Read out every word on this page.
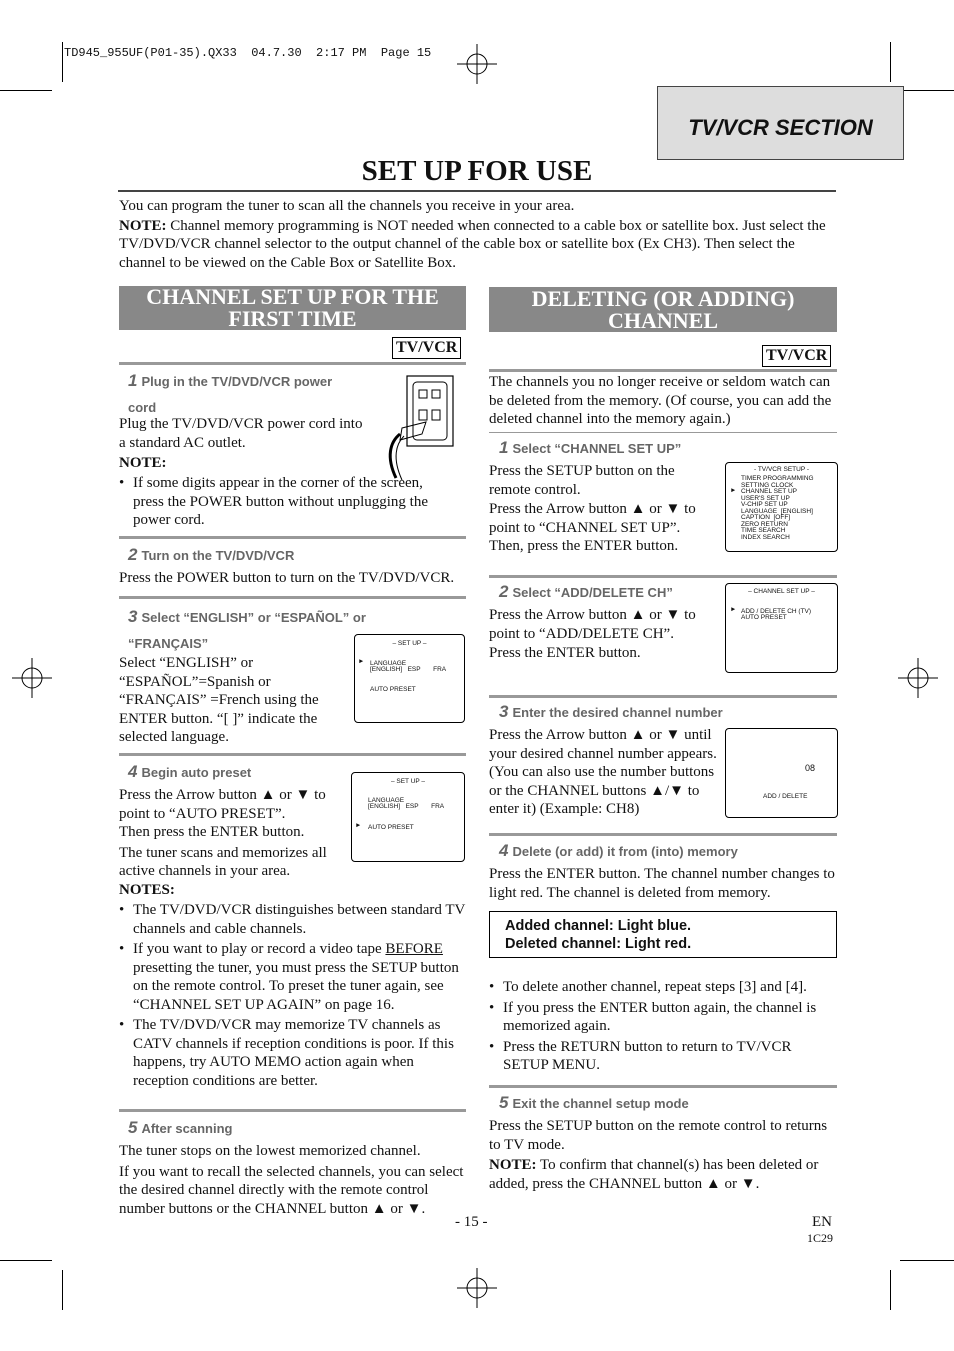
TD945_955UF(P01-35).QX33  04.7.30  2:17 PM  Page 15
TV/VCR SECTION
SET UP FOR USE
You can program the tuner to scan all the channels you receive in your area.
NOTE: Channel memory programming is NOT needed when connected to a cable box or satellite box. Just select the TV/DVD/VCR channel selector to the output channel of the cable box or satellite box (Ex CH3). Then select the channel to be viewed on the Cable Box or Satellite Box.
CHANNEL SET UP FOR THE
FIRST TIME
TV/VCR
1 Plug in the TV/DVD/VCR power
cord
Plug the TV/DVD/VCR power cord into a standard AC outlet.
NOTE:
• If some digits appear in the corner of the screen, press the POWER button without unplugging the power cord.
2 Turn on the TV/DVD/VCR
Press the POWER button to turn on the TV/DVD/VCR.
3 Select “ENGLISH” or “ESPAÑOL” or
“FRANÇAIS”
Select “ENGLISH” or “ESPAÑOL”=Spanish or “FRANÇAIS” =French using the ENTER button. “[ ]” indicate the selected language.
– SET UP –
► LANGUAGE
[ENGLISH]   ESP       FRA
AUTO PRESET
4 Begin auto preset
Press the Arrow button ▲ or ▼ to point to “AUTO PRESET”.
Then press the ENTER button.
The tuner scans and memorizes all active channels in your area.
– SET UP –
LANGUAGE
[ENGLISH]   ESP       FRA
► AUTO PRESET
NOTES:
• The TV/DVD/VCR distinguishes between standard TV channels and cable channels.
• If you want to play or record a video tape BEFORE presetting the tuner, you must press the SETUP button on the remote control. To preset the tuner again, see “CHANNEL SET UP AGAIN” on page 16.
• The TV/DVD/VCR may memorize TV channels as CATV channels if reception conditions is poor. If this happens, try AUTO MEMO action again when reception conditions are better.
5 After scanning
The tuner stops on the lowest memorized channel.
If you want to recall the selected channels, you can select the desired channel directly with the remote control number buttons or the CHANNEL button ▲ or ▼.
DELETING (OR ADDING)
CHANNEL
TV/VCR
The channels you no longer receive or seldom watch can be deleted from the memory. (Of course, you can add the deleted channel into the memory again.)
1 Select “CHANNEL SET UP”
Press the SETUP button on the remote control.
Press the Arrow button ▲ or ▼ to point to “CHANNEL SET UP”. Then, press the ENTER button.
- TV/VCR SETUP -
TIMER PROGRAMMING
SETTING CLOCK
► CHANNEL SET UP
USER'S SET UP
V-CHIP SET UP
LANGUAGE  [ENGLISH]
CAPTION  [OFF]
ZERO RETURN
TIME SEARCH
INDEX SEARCH
2 Select “ADD/DELETE CH”
Press the Arrow button ▲ or ▼ to point to “ADD/DELETE CH”.
Press the ENTER button.
– CHANNEL SET UP –
► ADD / DELETE CH (TV)
AUTO PRESET
3 Enter the desired channel number
Press the Arrow button ▲ or ▼ until your desired channel number appears. (You can also use the number buttons or the CHANNEL buttons ▲/▼ to enter it) (Example: CH8)
08
ADD / DELETE
4 Delete (or add) it from (into) memory
Press the ENTER button. The channel number changes to light red. The channel is deleted from memory.
Added channel: Light blue.
Deleted channel: Light red.
• To delete another channel, repeat steps [3] and [4].
• If you press the ENTER button again, the channel is memorized again.
• Press the RETURN button to return to TV/VCR SETUP MENU.
5 Exit the channel setup mode
Press the SETUP button on the remote control to returns to TV mode.
NOTE: To confirm that channel(s) has been deleted or added, press the CHANNEL button ▲ or ▼.
- 15 -	EN
1C29
